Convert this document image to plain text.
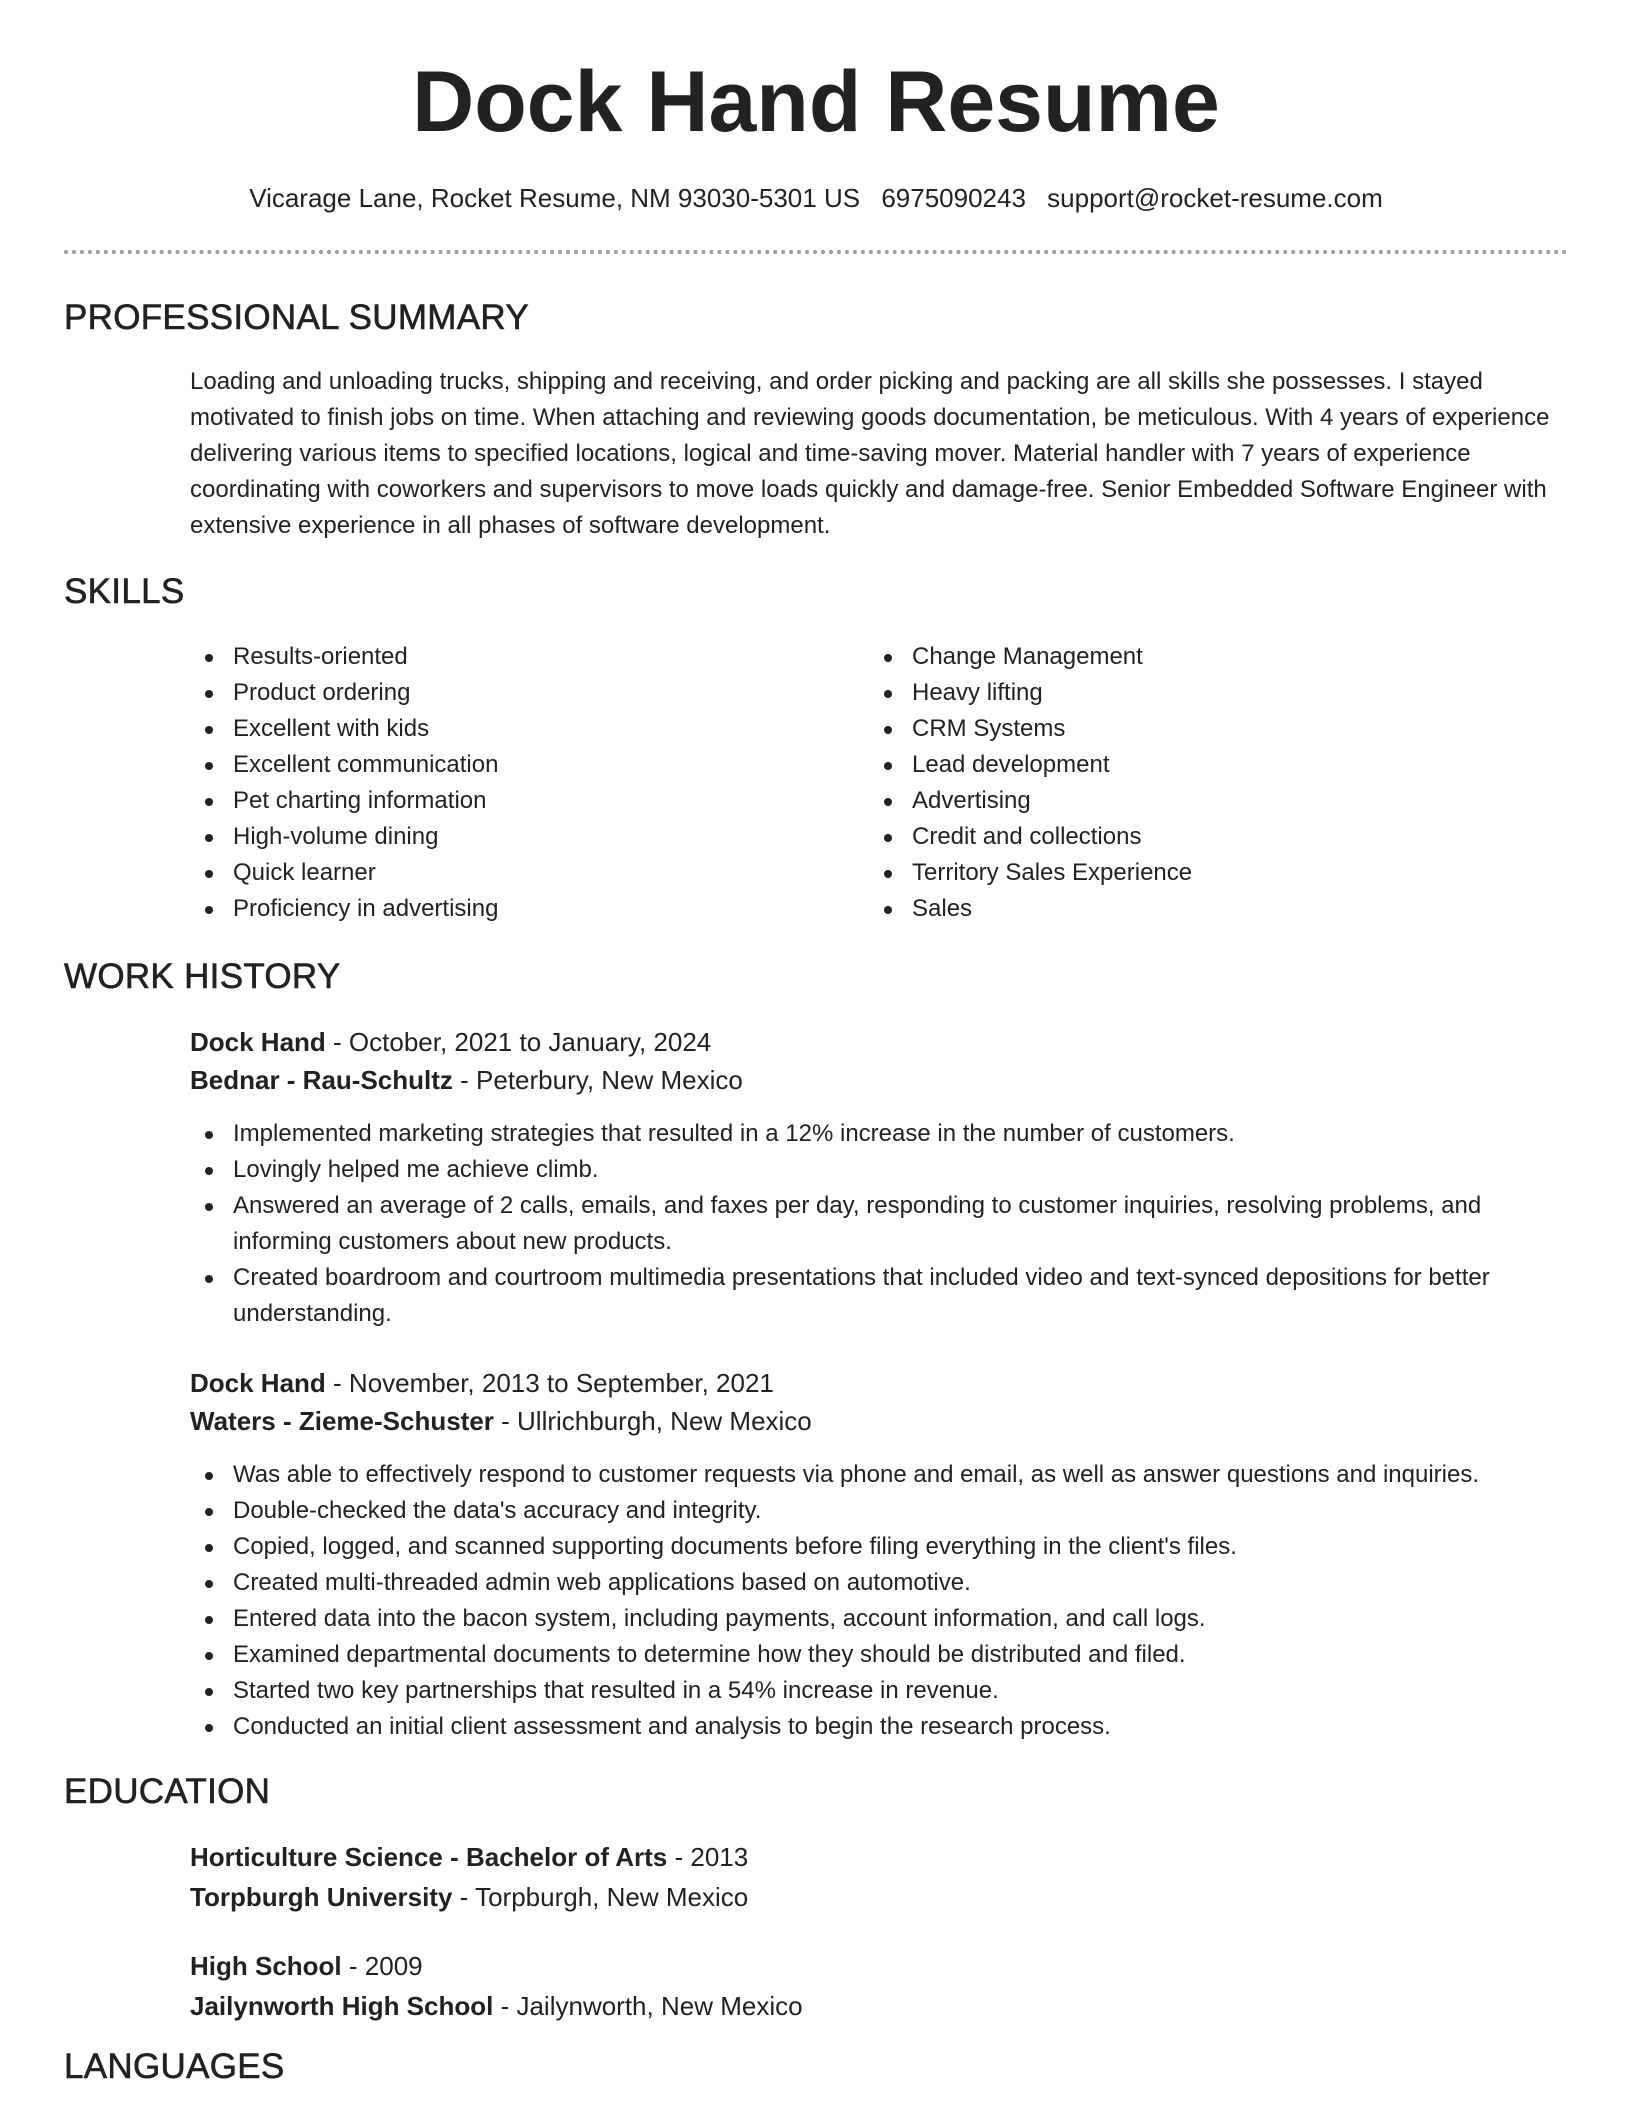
Dock Hand Resume
Vicarage Lane, Rocket Resume, NM 93030-5301 US 6975090243 support@rocket-resume.com
PROFESSIONAL SUMMARY

Loading and unloading trucks, shipping and receiving, and order picking and packing are all skills she possesses. I stayed motivated to finish jobs on time. When attaching and reviewing goods documentation, be meticulous. With 4 years of experience delivering various items to specified locations, logical and time-saving mover. Material handler with 7 years of experience coordinating with coworkers and supervisors to move loads quickly and damage-free. Senior Embedded Software Engineer with extensive experience in all phases of software development.

SKILLS
Results-oriented
Product ordering
Excellent with kids
Excellent communication
Pet charting information
High-volume dining
Quick learner
Proficiency in advertising
Change Management
Heavy lifting
CRM Systems
Lead development
Advertising
Credit and collections
Territory Sales Experience
Sales
WORK HISTORY
Dock Hand - October, 2021 to January, 2024
Bednar - Rau-Schultz - Peterbury, New Mexico
Implemented marketing strategies that resulted in a 12% increase in the number of customers.
Lovingly helped me achieve climb.
Answered an average of 2 calls, emails, and faxes per day, responding to customer inquiries, resolving problems, and informing customers about new products.
Created boardroom and courtroom multimedia presentations that included video and text-synced depositions for better understanding.
Dock Hand - November, 2013 to September, 2021
Waters - Zieme-Schuster - Ullrichburgh, New Mexico
Was able to effectively respond to customer requests via phone and email, as well as answer questions and inquiries.
Double-checked the data's accuracy and integrity.
Copied, logged, and scanned supporting documents before filing everything in the client's files.
Created multi-threaded admin web applications based on automotive.
Entered data into the bacon system, including payments, account information, and call logs.
Examined departmental documents to determine how they should be distributed and filed.
Started two key partnerships that resulted in a 54% increase in revenue.
Conducted an initial client assessment and analysis to begin the research process.
EDUCATION
Horticulture Science - Bachelor of Arts - 2013
Torpburgh University - Torpburgh, New Mexico
High School - 2009
Jailynworth High School - Jailynworth, New Mexico
LANGUAGES
